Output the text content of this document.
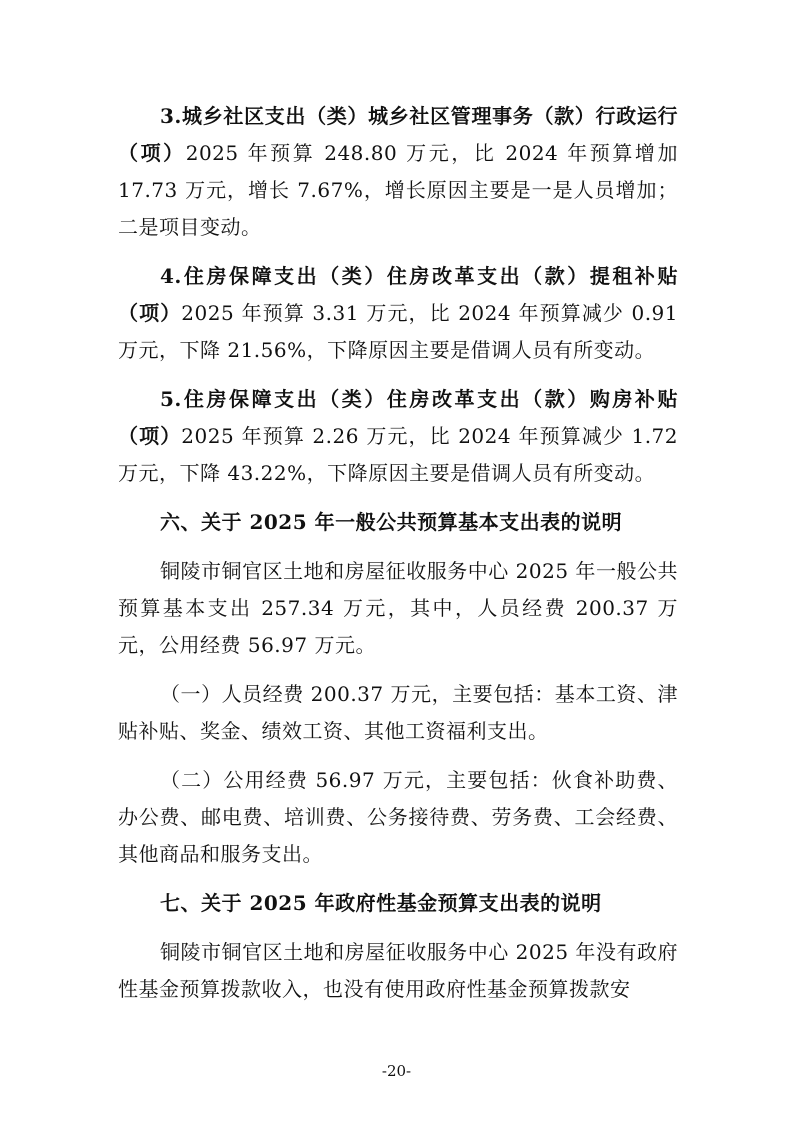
3.城乡社区支出（类）城乡社区管理事务（款）行政运行（项）2025 年预算 248.80 万元，比 2024 年预算增加 17.73 万元，增长 7.67%，增长原因主要是一是人员增加；二是项目变动。

4.住房保障支出（类）住房改革支出（款）提租补贴（项）2025 年预算 3.31 万元，比 2024 年预算减少 0.91 万元，下降 21.56%，下降原因主要是借调人员有所变动。

5.住房保障支出（类）住房改革支出（款）购房补贴（项）2025 年预算 2.26 万元，比 2024 年预算减少 1.72 万元，下降 43.22%，下降原因主要是借调人员有所变动。

六、关于 2025 年一般公共预算基本支出表的说明

铜陵市铜官区土地和房屋征收服务中心 2025 年一般公共预算基本支出 257.34 万元，其中，人员经费 200.37 万元，公用经费 56.97 万元。

（一）人员经费 200.37 万元，主要包括：基本工资、津贴补贴、奖金、绩效工资、其他工资福利支出。

（二）公用经费 56.97 万元，主要包括：伙食补助费、办公费、邮电费、培训费、公务接待费、劳务费、工会经费、其他商品和服务支出。

七、关于 2025 年政府性基金预算支出表的说明

铜陵市铜官区土地和房屋征收服务中心 2025 年没有政府性基金预算拨款收入，也没有使用政府性基金预算拨款安

-20-
